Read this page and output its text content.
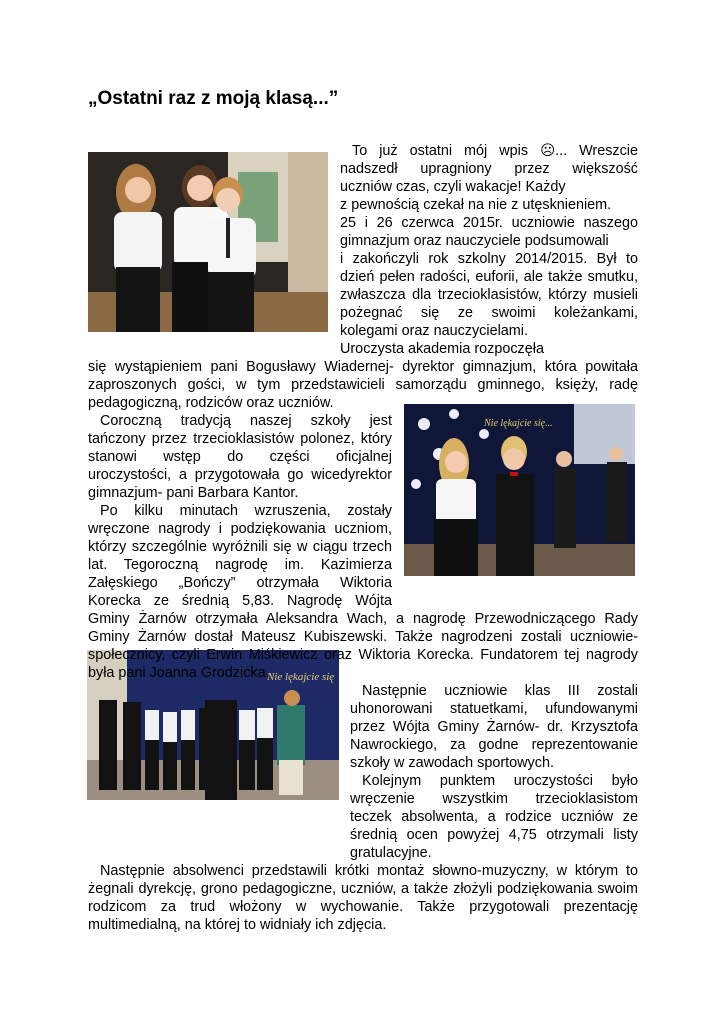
„Ostatni raz z moją klasą...”
Nie lękajcie się...
Nie lękajcie się
To już ostatni mój wpis ☹... Wreszcie
nadszedł upragniony przez większość
uczniów czas, czyli wakacje! Każdy
z pewnością czekał na nie z utęsknieniem.
25 i 26 czerwca 2015r. uczniowie naszego
gimnazjum oraz nauczyciele podsumowali
i zakończyli rok szkolny 2014/2015. Był to
dzień pełen radości, euforii, ale także smutku,
zwłaszcza dla trzecioklasistów, którzy musieli
pożegnać się ze swoimi koleżankami,
kolegami oraz nauczycielami.
Uroczysta akademia rozpoczęła
się wystąpieniem pani Bogusławy Wiadernej- dyrektor gimnazjum, która powitała
zaproszonych gości, w tym przedstawicieli samorządu gminnego, księży, radę
pedagogiczną, rodziców oraz uczniów.
Coroczną tradycją naszej szkoły jest
tańczony przez trzecioklasistów polonez, który
stanowi wstęp do części oficjalnej
uroczystości, a przygotowała go wicedyrektor
gimnazjum- pani Barbara Kantor.
Po kilku minutach wzruszenia, zostały
wręczone nagrody i podziękowania uczniom,
którzy szczególnie wyróżnili się w ciągu trzech
lat. Tegoroczną nagrodę im. Kazimierza
Załęskiego „Bończy” otrzymała Wiktoria
Korecka ze średnią 5,83. Nagrodę Wójta
Gminy Żarnów otrzymała Aleksandra Wach, a nagrodę Przewodniczącego Rady
Gminy Żarnów dostał Mateusz Kubiszewski. Także nagrodzeni zostali uczniowie-
społecznicy, czyli Erwin Miśkiewicz oraz Wiktoria Korecka. Fundatorem tej nagrody
była pani Joanna Grodzicka.
Następnie uczniowie klas III zostali
uhonorowani statuetkami, ufundowanymi
przez Wójta Gminy Żarnów- dr. Krzysztofa
Nawrockiego, za godne reprezentowanie
szkoły w zawodach sportowych.
Kolejnym punktem uroczystości było
wręczenie wszystkim trzecioklasistom
teczek absolwenta, a rodzice uczniów ze
średnią ocen powyżej 4,75 otrzymali listy
gratulacyjne.
Następnie absolwenci przedstawili krótki montaż słowno-muzyczny, w którym to
żegnali dyrekcję, grono pedagogiczne, uczniów, a także złożyli podziękowania swoim
rodzicom za trud włożony w wychowanie. Także przygotowali prezentację
multimedialną, na której to widniały ich zdjęcia.
